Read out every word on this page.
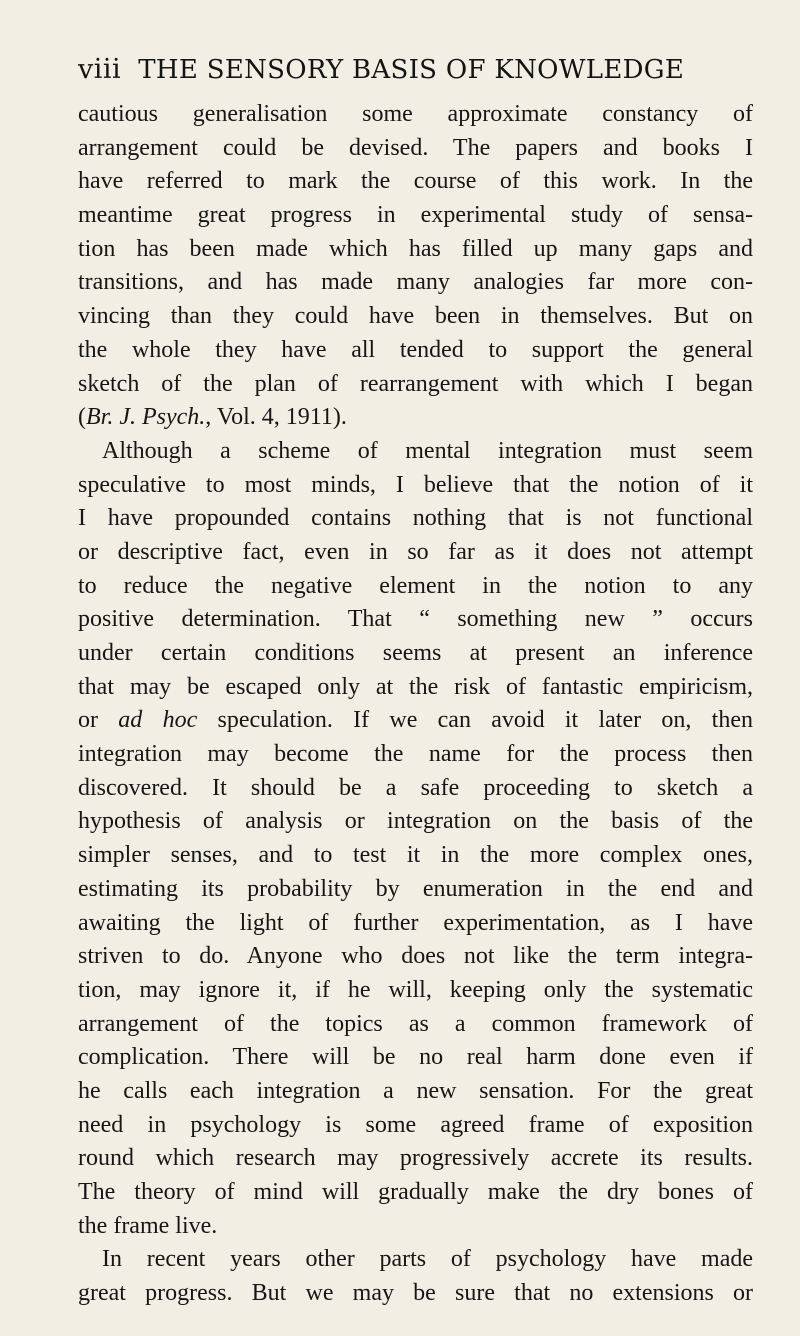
viii THE SENSORY BASIS OF KNOWLEDGE
cautious generalisation some approximate constancy of
arrangement could be devised. The papers and books I
have referred to mark the course of this work. In the
meantime great progress in experimental study of sensa-
tion has been made which has filled up many gaps and
transitions, and has made many analogies far more con-
vincing than they could have been in themselves. But on
the whole they have all tended to support the general
sketch of the plan of rearrangement with which I began
(Br. J. Psych., Vol. 4, 1911).
Although a scheme of mental integration must seem
speculative to most minds, I believe that the notion of it
I have propounded contains nothing that is not functional
or descriptive fact, even in so far as it does not attempt
to reduce the negative element in the notion to any
positive determination. That “ something new ” occurs
under certain conditions seems at present an inference
that may be escaped only at the risk of fantastic empiricism,
or ad hoc speculation. If we can avoid it later on, then
integration may become the name for the process then
discovered. It should be a safe proceeding to sketch a
hypothesis of analysis or integration on the basis of the
simpler senses, and to test it in the more complex ones,
estimating its probability by enumeration in the end and
awaiting the light of further experimentation, as I have
striven to do. Anyone who does not like the term integra-
tion, may ignore it, if he will, keeping only the systematic
arrangement of the topics as a common framework of
complication. There will be no real harm done even if
he calls each integration a new sensation. For the great
need in psychology is some agreed frame of exposition
round which research may progressively accrete its results.
The theory of mind will gradually make the dry bones of
the frame live.
In recent years other parts of psychology have made
great progress. But we may be sure that no extensions or
